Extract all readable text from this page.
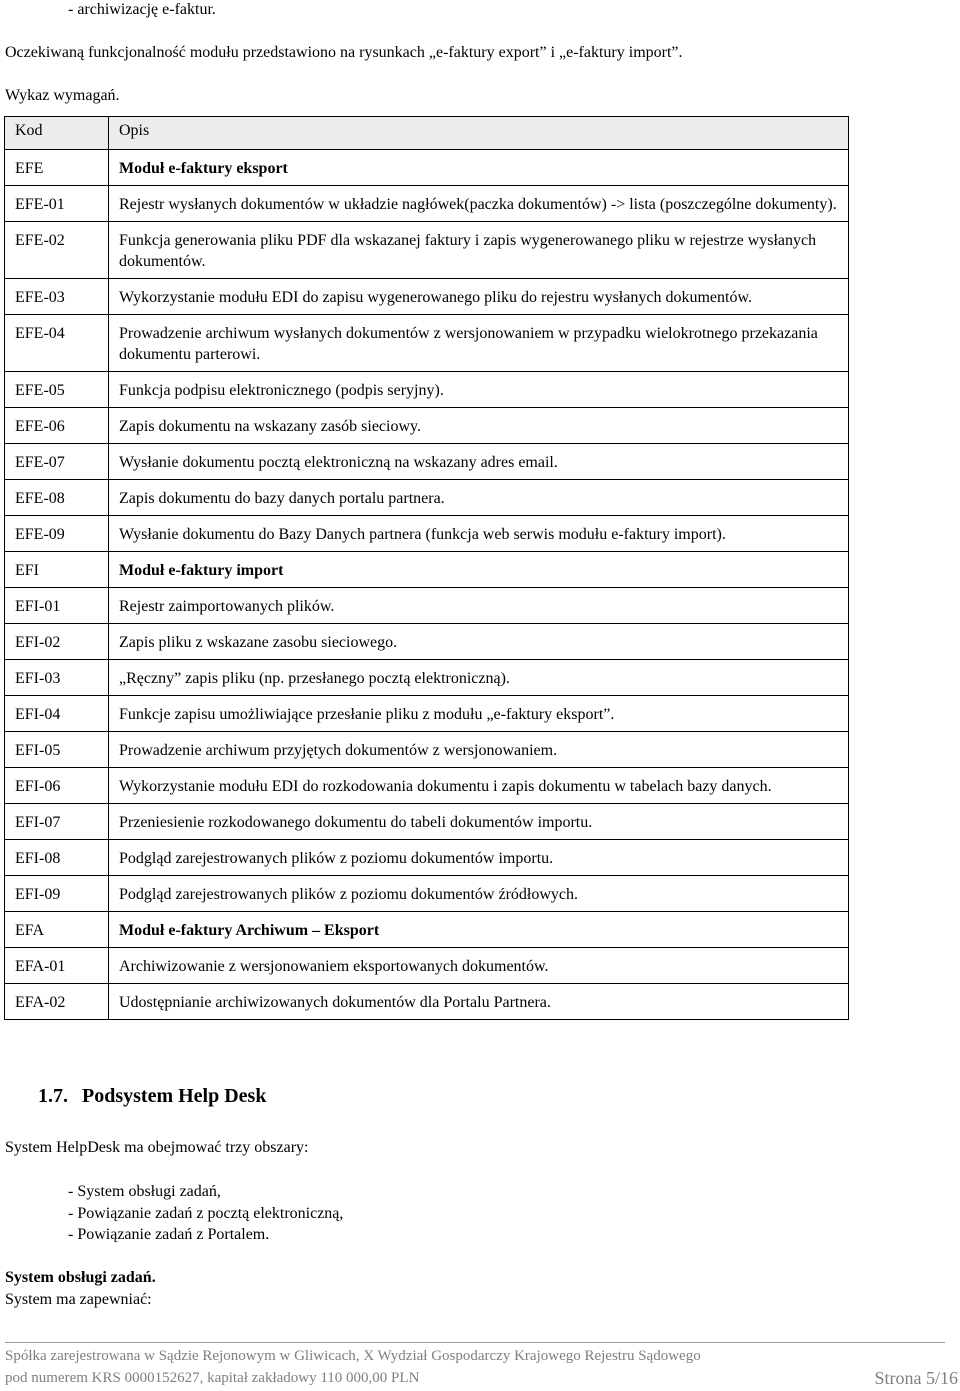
- archiwizację e-faktur.
Oczekiwaną funkcjonalność modułu przedstawiono na rysunkach „e-faktury export” i „e-faktury import”.
Wykaz wymagań.
Kod	Opis
EFE	Moduł e-faktury eksport
EFE-01	Rejestr wysłanych dokumentów w układzie nagłówek(paczka dokumentów) -> lista (poszczególne dokumenty).
EFE-02	Funkcja generowania pliku PDF dla wskazanej faktury i zapis wygenerowanego pliku w rejestrze wysłanych dokumentów.
EFE-03	Wykorzystanie modułu EDI do zapisu wygenerowanego pliku do rejestru wysłanych dokumentów.
EFE-04	Prowadzenie archiwum wysłanych dokumentów z wersjonowaniem w przypadku wielokrotnego przekazania dokumentu parterowi.
EFE-05	Funkcja podpisu elektronicznego (podpis seryjny).
EFE-06	Zapis dokumentu na wskazany zasób sieciowy.
EFE-07	Wysłanie dokumentu pocztą elektroniczną na wskazany adres email.
EFE-08	Zapis dokumentu do bazy danych portalu partnera.
EFE-09	Wysłanie dokumentu do Bazy Danych partnera (funkcja web serwis modułu e-faktury import).
EFI	Moduł e-faktury import
EFI-01	Rejestr zaimportowanych plików.
EFI-02	Zapis pliku z wskazane zasobu sieciowego.
EFI-03	„Ręczny” zapis pliku (np. przesłanego pocztą elektroniczną).
EFI-04	Funkcje zapisu umożliwiające przesłanie pliku z modułu „e-faktury eksport”.
EFI-05	Prowadzenie archiwum przyjętych dokumentów z wersjonowaniem.
EFI-06	Wykorzystanie modułu EDI do rozkodowania dokumentu i zapis dokumentu w tabelach bazy danych.
EFI-07	Przeniesienie rozkodowanego dokumentu do tabeli dokumentów importu.
EFI-08	Podgląd zarejestrowanych plików z poziomu dokumentów importu.
EFI-09	Podgląd zarejestrowanych plików z poziomu dokumentów źródłowych.
EFA	Moduł e-faktury Archiwum – Eksport
EFA-01	Archiwizowanie z wersjonowaniem eksportowanych dokumentów.
EFA-02	Udostępnianie archiwizowanych dokumentów dla Portalu Partnera.
1.7. Podsystem Help Desk
System HelpDesk ma obejmować trzy obszary:
- System obsługi zadań,
- Powiązanie zadań z pocztą elektroniczną,
- Powiązanie zadań z Portalem.
System obsługi zadań.
System ma zapewniać:
Spółka zarejestrowana w Sądzie Rejonowym w Gliwicach, X Wydział Gospodarczy Krajowego Rejestru Sądowego
pod numerem KRS 0000152627, kapitał zakładowy 110 000,00 PLN	Strona 5/16
